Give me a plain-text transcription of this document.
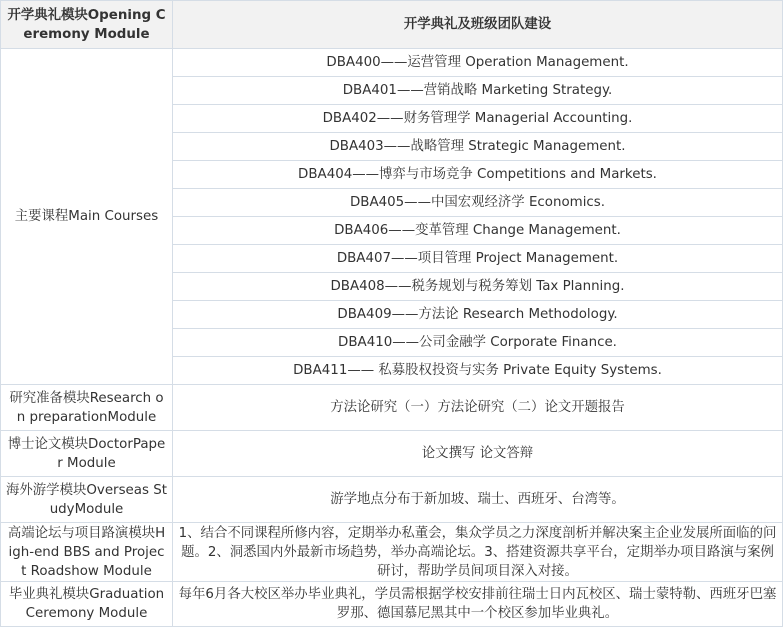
开学典礼模块Opening Ceremony Module	开学典礼及班级团队建设
主要课程Main Courses	DBA400——运营管理 Operation Management.
	DBA401——营销战略 Marketing Strategy.
	DBA402——财务管理学 Managerial Accounting.
	DBA403——战略管理 Strategic Management.
	DBA404——博弈与市场竞争 Competitions and Markets.
	DBA405——中国宏观经济学 Economics.
	DBA406——变革管理 Change Management.
	DBA407——项目管理 Project Management.
	DBA408——税务规划与税务筹划 Tax Planning.
	DBA409——方法论 Research Methodology.
	DBA410——公司金融学 Corporate Finance.
	DBA411—— 私募股权投资与实务 Private Equity Systems.
研究准备模块Research on preparationModule	方法论研究（一）方法论研究（二）论文开题报告
博士论文模块DoctorPaper Module	论文撰写 论文答辩
海外游学模块Overseas StudyModule	游学地点分布于新加坡、瑞士、西班牙、台湾等。
高端论坛与项目路演模块High-end BBS and Project Roadshow Module	1、结合不同课程所修内容，定期举办私董会，集众学员之力深度剖析并解决案主企业发展所面临的问题。2、洞悉国内外最新市场趋势，举办高端论坛。3、搭建资源共享平台，定期举办项目路演与案例研讨，帮助学员间项目深入对接。
毕业典礼模块Graduation Ceremony Module	每年6月各大校区举办毕业典礼，学员需根据学校安排前往瑞士日内瓦校区、瑞士蒙特勒、西班牙巴塞罗那、德国慕尼黑其中一个校区参加毕业典礼。
